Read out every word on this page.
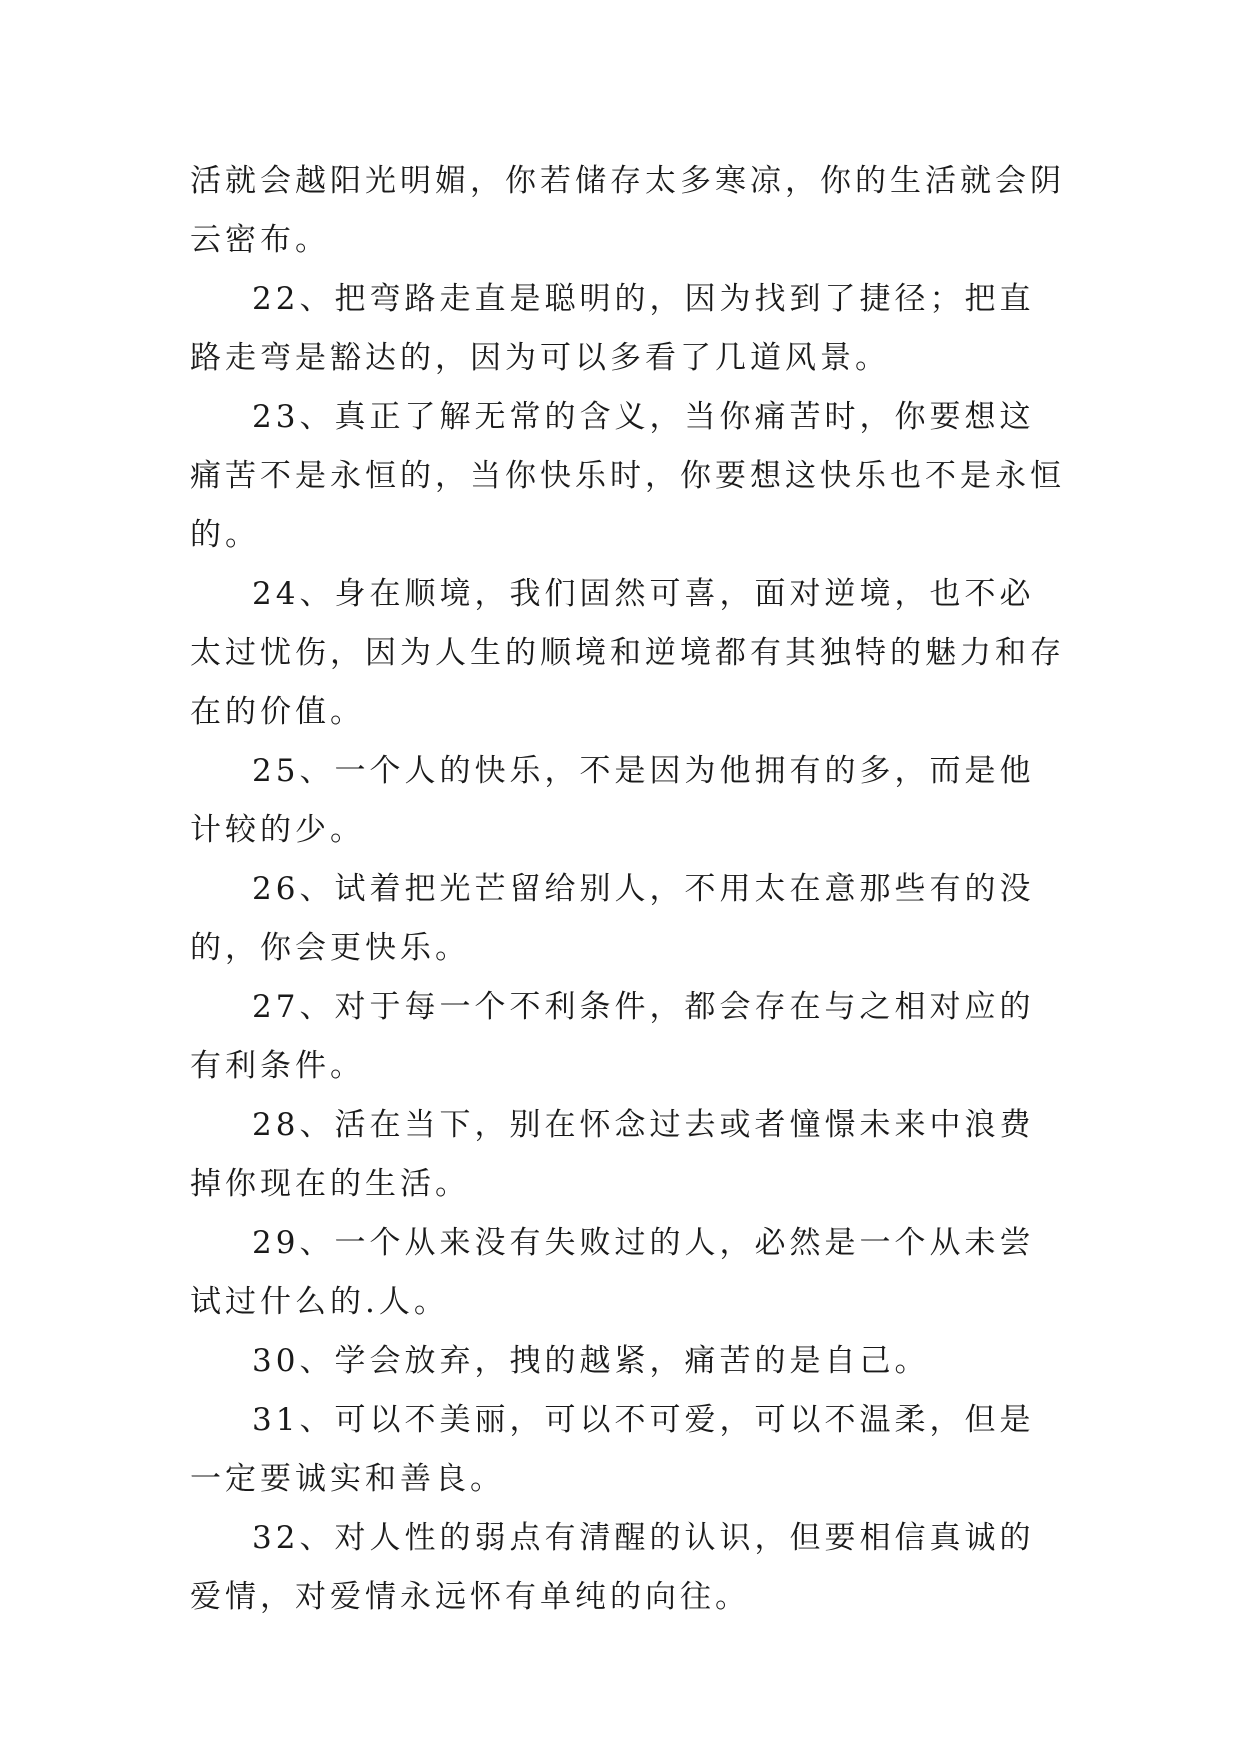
活就会越阳光明媚，你若储存太多寒凉，你的生活就会阴云密布。

22、把弯路走直是聪明的，因为找到了捷径；把直路走弯是豁达的，因为可以多看了几道风景。

23、真正了解无常的含义，当你痛苦时，你要想这痛苦不是永恒的，当你快乐时，你要想这快乐也不是永恒的。

24、身在顺境，我们固然可喜，面对逆境，也不必太过忧伤，因为人生的顺境和逆境都有其独特的魅力和存在的价值。

25、一个人的快乐，不是因为他拥有的多，而是他计较的少。

26、试着把光芒留给别人，不用太在意那些有的没的，你会更快乐。

27、对于每一个不利条件，都会存在与之相对应的有利条件。

28、活在当下，别在怀念过去或者憧憬未来中浪费掉你现在的生活。

29、一个从来没有失败过的人，必然是一个从未尝试过什么的.人。

30、学会放弃，拽的越紧，痛苦的是自己。

31、可以不美丽，可以不可爱，可以不温柔，但是一定要诚实和善良。

32、对人性的弱点有清醒的认识，但要相信真诚的爱情，对爱情永远怀有单纯的向往。
